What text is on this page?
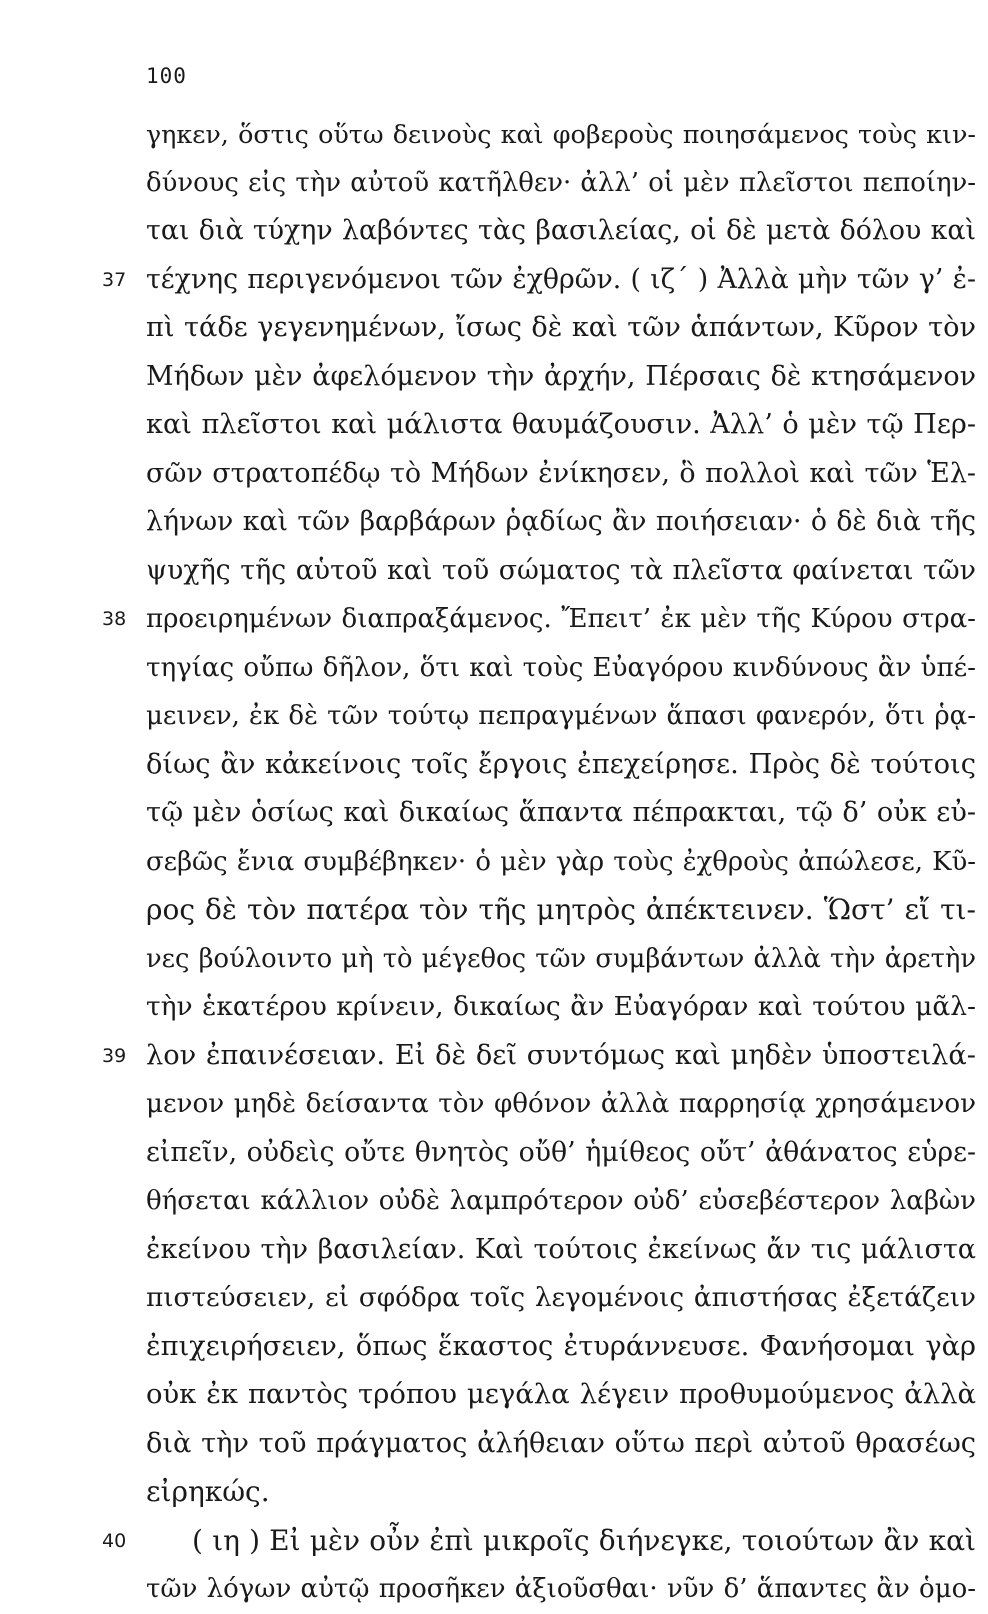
100
γηκεν, ὅστις οὕτω δεινοὺς καὶ φοβεροὺς ποιησάμενος τοὺς κιν-
δύνους εἰς τὴν αὐτοῦ κατῆλθεν· ἀλλ’ οἱ μὲν πλεῖστοι πεποίην-
ται διὰ τύχην λαβόντες τὰς βασιλείας, οἱ δὲ μετὰ δόλου καὶ
37 τέχνης περιγενόμενοι τῶν ἐχθρῶν. ( ιζ΄ ) Ἀλλὰ μὴν τῶν γ’ ἐ-
πὶ τάδε γεγενημένων, ἴσως δὲ καὶ τῶν ἁπάντων, Κῦρον τὸν
Μήδων μὲν ἀφελόμενον τὴν ἀρχήν, Πέρσαις δὲ κτησάμενον
καὶ πλεῖστοι καὶ μάλιστα θαυμάζουσιν. Ἀλλ’ ὁ μὲν τῷ Περ-
σῶν στρατοπέδῳ τὸ Μήδων ἐνίκησεν, ὃ πολλοὶ καὶ τῶν Ἑλ-
λήνων καὶ τῶν βαρβάρων ῥᾳδίως ἂν ποιήσειαν· ὁ δὲ διὰ τῆς
ψυχῆς τῆς αὑτοῦ καὶ τοῦ σώματος τὰ πλεῖστα φαίνεται τῶν
38 προειρημένων διαπραξάμενος. Ἔπειτ’ ἐκ μὲν τῆς Κύρου στρα-
τηγίας οὔπω δῆλον, ὅτι καὶ τοὺς Εὐαγόρου κινδύνους ἂν ὑπέ-
μεινεν, ἐκ δὲ τῶν τούτῳ πεπραγμένων ἅπασι φανερόν, ὅτι ῥᾳ-
δίως ἂν κἀκείνοις τοῖς ἔργοις ἐπεχείρησε. Πρὸς δὲ τούτοις
τῷ μὲν ὁσίως καὶ δικαίως ἅπαντα πέπρακται, τῷ δ’ οὐκ εὐ-
σεβῶς ἔνια συμβέβηκεν· ὁ μὲν γὰρ τοὺς ἐχθροὺς ἀπώλεσε, Κῦ-
ρος δὲ τὸν πατέρα τὸν τῆς μητρὸς ἀπέκτεινεν. Ὥστ’ εἴ τι-
νες βούλοιντο μὴ τὸ μέγεθος τῶν συμβάντων ἀλλὰ τὴν ἀρετὴν
τὴν ἑκατέρου κρίνειν, δικαίως ἂν Εὐαγόραν καὶ τούτου μᾶλ-
39 λον ἐπαινέσειαν. Εἰ δὲ δεῖ συντόμως καὶ μηδὲν ὑποστειλά-
μενον μηδὲ δείσαντα τὸν φθόνον ἀλλὰ παρρησίᾳ χρησάμενον
εἰπεῖν, οὐδεὶς οὔτε θνητὸς οὔθ’ ἡμίθεος οὔτ’ ἀθάνατος εὑρε-
θήσεται κάλλιον οὐδὲ λαμπρότερον οὐδ’ εὐσεβέστερον λαβὼν
ἐκείνου τὴν βασιλείαν. Καὶ τούτοις ἐκείνως ἄν τις μάλιστα
πιστεύσειεν, εἰ σφόδρα τοῖς λεγομένοις ἀπιστήσας ἐξετάζειν
ἐπιχειρήσειεν, ὅπως ἕκαστος ἐτυράννευσε. Φανήσομαι γὰρ
οὐκ ἐκ παντὸς τρόπου μεγάλα λέγειν προθυμούμενος ἀλλὰ
διὰ τὴν τοῦ πράγματος ἀλήθειαν οὕτω περὶ αὐτοῦ θρασέως
εἰρηκώς.
40	( ιη ) Εἰ μὲν οὖν ἐπὶ μικροῖς διήνεγκε, τοιούτων ἂν καὶ
τῶν λόγων αὐτῷ προσῆκεν ἀξιοῦσθαι· νῦν δ’ ἅπαντες ἂν ὁμο-
